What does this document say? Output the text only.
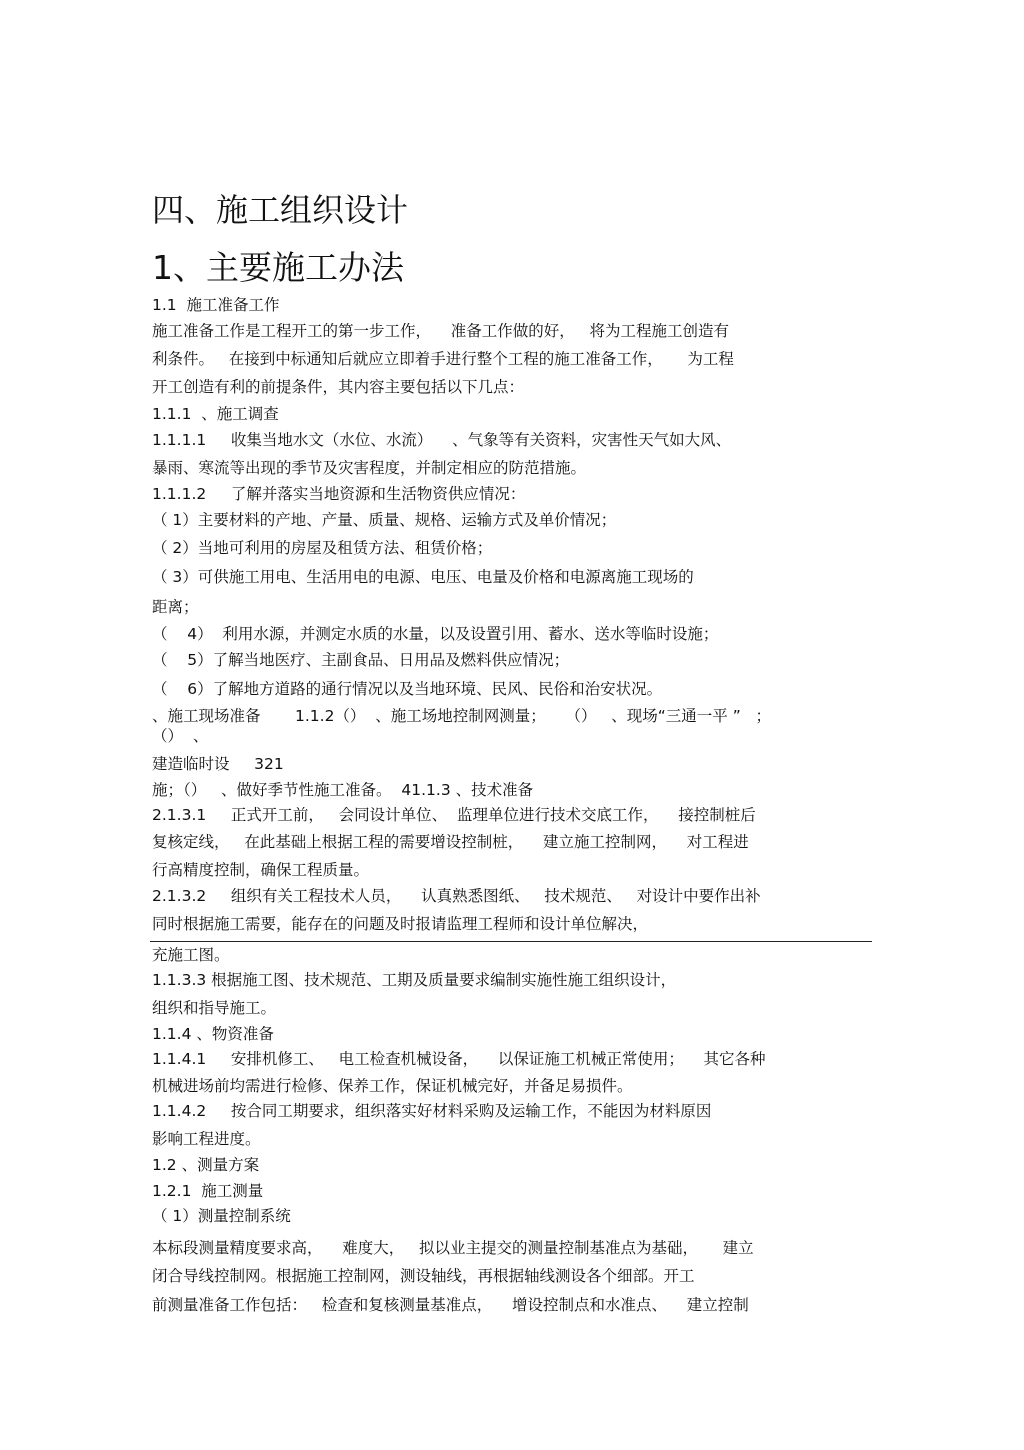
四、施工组织设计
1、主要施工办法
1.1  施工准备工作
施工准备工作是工程开工的第一步工作，    准备工作做的好，   将为工程施工创造有
利条件。   在接到中标通知后就应立即着手进行整个工程的施工准备工作，     为工程
开工创造有利的前提条件，其内容主要包括以下几点：
1.1.1  、施工调查
1.1.1.1     收集当地水文（水位、水流）    、气象等有关资料，灾害性天气如大风、
暴雨、寒流等出现的季节及灾害程度，并制定相应的防范措施。
1.1.1.2     了解并落实当地资源和生活物资供应情况：
（ 1）主要材料的产地、产量、质量、规格、运输方式及单价情况；
（ 2）当地可利用的房屋及租赁方法、租赁价格；
（ 3）可供施工用电、生活用电的电源、电压、电量及价格和电源离施工现场的
距离；
（    4）  利用水源，并测定水质的水量，以及设置引用、蓄水、送水等临时设施；
（    5）了解当地医疗、主副食品、日用品及燃料供应情况；
（    6）了解地方道路的通行情况以及当地环境、民风、民俗和治安状况。
、施工现场准备       1.1.2（）  、施工场地控制网测量；    （）   、现场“三通一平 ”   ；
（）  、
建造临时设     321
施；（）   、做好季节性施工准备。  41.1.3 、技术准备
2.1.3.1     正式开工前，   会同设计单位、  监理单位进行技术交底工作，    接控制桩后
复核定线，   在此基础上根据工程的需要增设控制桩，    建立施工控制网，    对工程进
行高精度控制，确保工程质量。
2.1.3.2     组织有关工程技术人员，    认真熟悉图纸、   技术规范、   对设计中要作出补
同时根据施工需要，能存在的问题及时报请监理工程师和设计单位解决，
充施工图。
1.1.3.3 根据施工图、技术规范、工期及质量要求编制实施性施工组织设计，
组织和指导施工。
1.1.4 、物资准备
1.1.4.1     安排机修工、   电工检查机械设备，    以保证施工机械正常使用；    其它各种
机械进场前均需进行检修、保养工作，保证机械完好，并备足易损件。
1.1.4.2     按合同工期要求，组织落实好材料采购及运输工作，不能因为材料原因
影响工程进度。
1.2 、测量方案
1.2.1  施工测量
（ 1）测量控制系统
本标段测量精度要求高，    难度大，   拟以业主提交的测量控制基准点为基础，     建立
闭合导线控制网。根据施工控制网，测设轴线，再根据轴线测设各个细部。开工
前测量准备工作包括：   检查和复核测量基准点，    增设控制点和水准点、    建立控制
